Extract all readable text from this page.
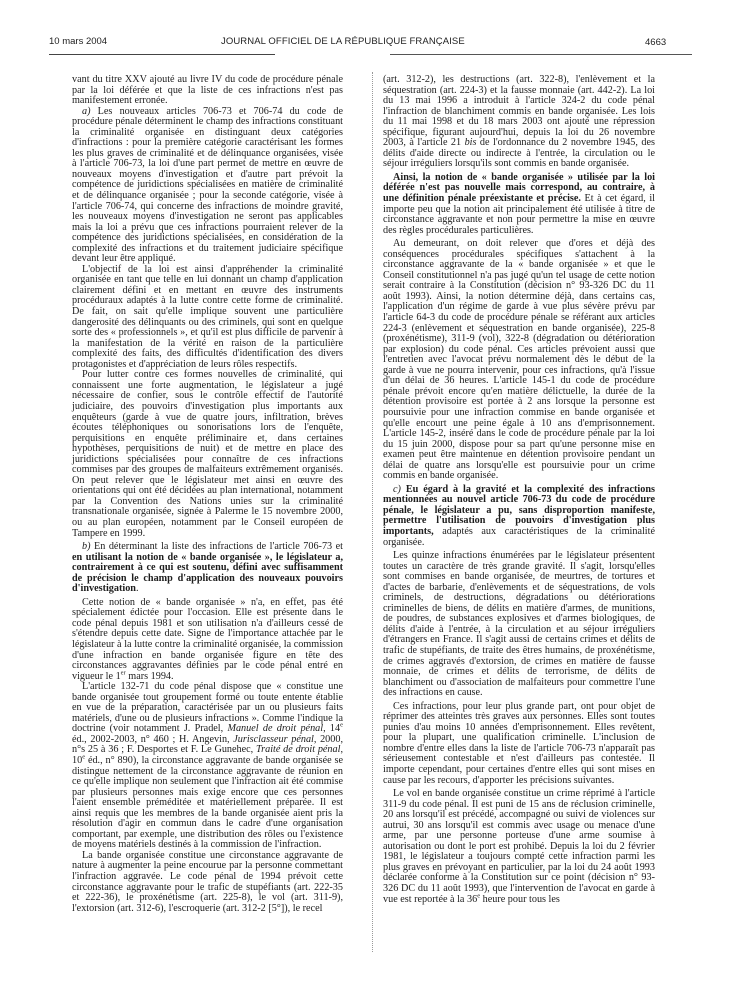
10 mars 2004	JOURNAL OFFICIEL DE LA RÉPUBLIQUE FRANÇAISE	4663

vant du titre XXV ajouté au livre IV du code de procédure pénale par la loi déférée et que la liste de ces infractions n'est pas manifestement erronée.

a) Les nouveaux articles 706-73 et 706-74 du code de procédure pénale déterminent le champ des infractions constituant la criminalité organisée en distinguant deux catégories d'infractions : pour la première catégorie caractérisant les formes les plus graves de criminalité et de délinquance organisées, visée à l'article 706-73, la loi d'une part permet de mettre en œuvre de nouveaux moyens d'investigation et d'autre part prévoit la compétence de juridictions spécialisées en matière de criminalité et de délinquance organisée ; pour la seconde catégorie, visée à l'article 706-74, qui concerne des infractions de moindre gravité, les nouveaux moyens d'investigation ne seront pas applicables mais la loi a prévu que ces infractions pourraient relever de la compétence des juridictions spécialisées, en considération de la complexité des infractions et du traitement judiciaire spécifique devant leur être appliqué.

L'objectif de la loi est ainsi d'appréhender la criminalité organisée en tant que telle en lui donnant un champ d'application clairement défini et en mettant en œuvre des instruments procéduraux adaptés à la lutte contre cette forme de criminalité. De fait, on sait qu'elle implique souvent une particulière dangerosité des délinquants ou des criminels, qui sont en quelque sorte des « professionnels », et qu'il est plus difficile de parvenir à la manifestation de la vérité en raison de la particulière complexité des faits, des difficultés d'identification des divers protagonistes et d'appréciation de leurs rôles respectifs.

Pour lutter contre ces formes nouvelles de criminalité, qui connaissent une forte augmentation, le législateur a jugé nécessaire de confier, sous le contrôle effectif de l'autorité judiciaire, des pouvoirs d'investigation plus importants aux enquêteurs (garde à vue de quatre jours, infiltration, brèves écoutes téléphoniques ou sonorisations lors de l'enquête, perquisitions en enquête préliminaire et, dans certaines hypothèses, perquisitions de nuit) et de mettre en place des juridictions spécialisées pour connaître de ces infractions commises par des groupes de malfaiteurs extrêmement organisés. On peut relever que le législateur met ainsi en œuvre des orientations qui ont été décidées au plan international, notamment par la Convention des Nations unies sur la criminalité transnationale organisée, signée à Palerme le 15 novembre 2000, ou au plan européen, notamment par le Conseil européen de Tampere en 1999.

b) En déterminant la liste des infractions de l'article 706-73 et en utilisant la notion de « bande organisée », le législateur a, contrairement à ce qui est soutenu, défini avec suffisamment de précision le champ d'application des nouveaux pouvoirs d'investigation.

Cette notion de « bande organisée » n'a, en effet, pas été spécialement édictée pour l'occasion. Elle est présente dans le code pénal depuis 1981 et son utilisation n'a d'ailleurs cessé de s'étendre depuis cette date. Signe de l'importance attachée par le législateur à la lutte contre la criminalité organisée, la commission d'une infraction en bande organisée figure en tête des circonstances aggravantes définies par le code pénal entré en vigueur le 1er mars 1994.

L'article 132-71 du code pénal dispose que « constitue une bande organisée tout groupement formé ou toute entente établie en vue de la préparation, caractérisée par un ou plusieurs faits matériels, d'une ou de plusieurs infractions ». Comme l'indique la doctrine (voir notamment J. Pradel, Manuel de droit pénal, 14e éd., 2002-2003, n° 460 ; H. Angevin, Jurisclasseur pénal, 2000, n°s 25 à 36 ; F. Desportes et F. Le Gunehec, Traité de droit pénal, 10e éd., n° 890), la circonstance aggravante de bande organisée se distingue nettement de la circonstance aggravante de réunion en ce qu'elle implique non seulement que l'infraction ait été commise par plusieurs personnes mais exige encore que ces personnes l'aient ensemble préméditée et matériellement préparée. Il est ainsi requis que les membres de la bande organisée aient pris la résolution d'agir en commun dans le cadre d'une organisation comportant, par exemple, une distribution des rôles ou l'existence de moyens matériels destinés à la commission de l'infraction.

La bande organisée constitue une circonstance aggravante de nature à augmenter la peine encourue par la personne commettant l'infraction aggravée. Le code pénal de 1994 prévoit cette circonstance aggravante pour le trafic de stupéfiants (art. 222-35 et 222-36), le proxénétisme (art. 225-8), le vol (art. 311-9), l'extorsion (art. 312-6), l'escroquerie (art. 312-2 [5°]), le recel

(art. 312-2), les destructions (art. 322-8), l'enlèvement et la séquestration (art. 224-3) et la fausse monnaie (art. 442-2). La loi du 13 mai 1996 a introduit à l'article 324-2 du code pénal l'infraction de blanchiment commis en bande organisée. Les lois du 11 mai 1998 et du 18 mars 2003 ont ajouté une répression spécifique, figurant aujourd'hui, depuis la loi du 26 novembre 2003, à l'article 21 bis de l'ordonnance du 2 novembre 1945, des délits d'aide directe ou indirecte à l'entrée, la circulation ou le séjour irréguliers lorsqu'ils sont commis en bande organisée.

Ainsi, la notion de « bande organisée » utilisée par la loi déférée n'est pas nouvelle mais correspond, au contraire, à une définition pénale préexistante et précise. Et à cet égard, il importe peu que la notion ait principalement été utilisée à titre de circonstance aggravante et non pour permettre la mise en œuvre des règles procédurales particulières.

Au demeurant, on doit relever que d'ores et déjà des conséquences procédurales spécifiques s'attachent à la circonstance aggravante de la « bande organisée » et que le Conseil constitutionnel n'a pas jugé qu'un tel usage de cette notion serait contraire à la Constitution (décision n° 93-326 DC du 11 août 1993). Ainsi, la notion détermine déjà, dans certains cas, l'application d'un régime de garde à vue plus sévère prévu par l'article 64-3 du code de procédure pénale se référant aux articles 224-3 (enlèvement et séquestration en bande organisée), 225-8 (proxénétisme), 311-9 (vol), 322-8 (dégradation ou détérioration par explosion) du code pénal. Ces articles prévoient aussi que l'entretien avec l'avocat prévu normalement dès le début de la garde à vue ne pourra intervenir, pour ces infractions, qu'à l'issue d'un délai de 36 heures. L'article 145-1 du code de procédure pénale prévoit encore qu'en matière délictuelle, la durée de la détention provisoire est portée à 2 ans lorsque la personne est poursuivie pour une infraction commise en bande organisée et qu'elle encourt une peine égale à 10 ans d'emprisonnement. L'article 145-2, inséré dans le code de procédure pénale par la loi du 15 juin 2000, dispose pour sa part qu'une personne mise en examen peut être maintenue en détention provisoire pendant un délai de quatre ans lorsqu'elle est poursuivie pour un crime commis en bande organisée.

c) Eu égard à la gravité et la complexité des infractions mentionnées au nouvel article 706-73 du code de procédure pénale, le législateur a pu, sans disproportion manifeste, permettre l'utilisation de pouvoirs d'investigation plus importants, adaptés aux caractéristiques de la criminalité organisée.

Les quinze infractions énumérées par le législateur présentent toutes un caractère de très grande gravité. Il s'agit, lorsqu'elles sont commises en bande organisée, de meurtres, de tortures et d'actes de barbarie, d'enlèvements et de séquestrations, de vols criminels, de destructions, dégradations ou détériorations criminelles de biens, de délits en matière d'armes, de munitions, de poudres, de substances explosives et d'armes biologiques, de délits d'aide à l'entrée, à la circulation et au séjour irréguliers d'étrangers en France. Il s'agit aussi de certains crimes et délits de trafic de stupéfiants, de traite des êtres humains, de proxénétisme, de crimes aggravés d'extorsion, de crimes en matière de fausse monnaie, de crimes et délits de terrorisme, de délits de blanchiment ou d'association de malfaiteurs pour commettre l'une des infractions en cause.

Ces infractions, pour leur plus grande part, ont pour objet de réprimer des atteintes très graves aux personnes. Elles sont toutes punies d'au moins 10 années d'emprisonnement. Elles revêtent, pour la plupart, une qualification criminelle. L'inclusion de nombre d'entre elles dans la liste de l'article 706-73 n'apparaît pas sérieusement contestable et n'est d'ailleurs pas contestée. Il importe cependant, pour certaines d'entre elles qui sont mises en cause par les recours, d'apporter les précisions suivantes.

Le vol en bande organisée constitue un crime réprimé à l'article 311-9 du code pénal. Il est puni de 15 ans de réclusion criminelle, 20 ans lorsqu'il est précédé, accompagné ou suivi de violences sur autrui, 30 ans lorsqu'il est commis avec usage ou menace d'une arme, par une personne porteuse d'une arme soumise à autorisation ou dont le port est prohibé. Depuis la loi du 2 février 1981, le législateur a toujours compté cette infraction parmi les plus graves en prévoyant en particulier, par la loi du 24 août 1993 déclarée conforme à la Constitution sur ce point (décision n° 93-326 DC du 11 août 1993), que l'intervention de l'avocat en garde à vue est reportée à la 36e heure pour tous les
